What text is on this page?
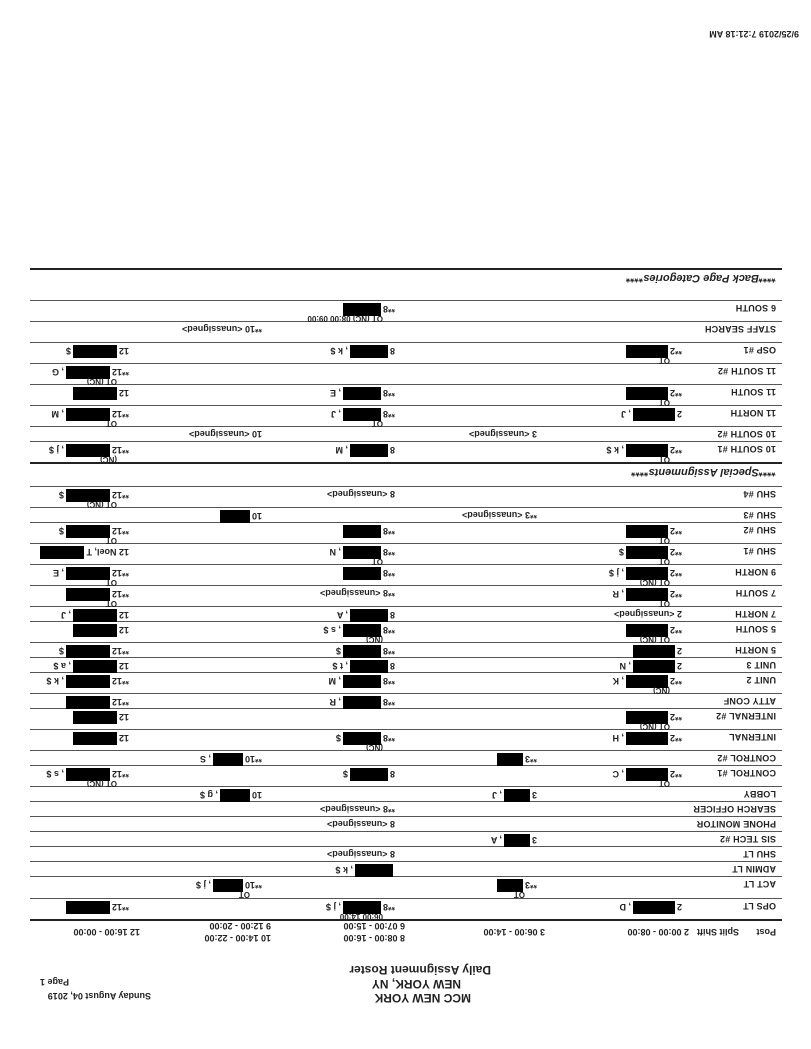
MCC NEW YORK
NEW YORK, NY
Daily Assignment Roster
Sunday August 04, 2019
Page 1
Post
Split Shift
2 00:00 - 08:00
3 06:00 - 14:00
8 08:00 - 16:00
6 07:00 - 15:00
10 14:00 - 22:00
9 12:00 - 20:00
12 16:00 - 00:00
OPS LT
2, D
**8, j $
06:00 14:00
**12
ACT LT
**3
OT
**10, j $
OT
ADMIN LT
, k $
SHU LT
8 <unassigned>
SIS TECH #2
3, A
PHONE MONITOR
8 <unassigned>
SEARCH OFFICER
**8 <unassigned>
LOBBY
3, J
10, g $
CONTROL #1
**2, C
OT
8$
**12, s $
OT (NC)
CONTROL #2
**3
**10, S
INTERNAL
**2, H
**8$
(NC)
12
INTERNAL #2
**2
OT (NC)
12
ATTY CONF
**8, R
**12
UNIT 2
**2, K
(NC)
**8, M
**12, k $
UNIT 3
2, N
8, t $
12, a $
5 NORTH
2
**8$
**12$
5 SOUTH
**2
OT (NC)
**8, s $
(NC)
12
7 NORTH
2 <unassigned>
8, A
12, J
7 SOUTH
**2, R
OT
**8 <unassigned>
**12
OT
9 NORTH
**2, j $
OT (NC)
**8
**12, E
OT
SHU #1
**2$
OT
**8, N
OT
12 Noel, T
SHU #2
**2
OT
**8
**12$
OT
SHU #3
**3 <unassigned>
10
SHU #4
8 <unassigned>
**12$
OT (NC)
****Special Assignments****
10 SOUTH #1
**2, k $
OT
8, M
**12, j $
(NC)
10 SOUTH #2
3 <unassigned>
10 <unassigned>
11 NORTH
2, J
**8, J
OT
**12, M
OT
11 SOUTH
**2
OT
**8, E
12
11 SOUTH #2
**12, G
OT (NC)
OSP #1
**2
OT
8, k $
12$
STAFF SEARCH
**10 <unassigned>
6 SOUTH
**8
OT (NC) 08:00 09:00
****Back Page Categories****
9/25/2019 7:21:18 AM
